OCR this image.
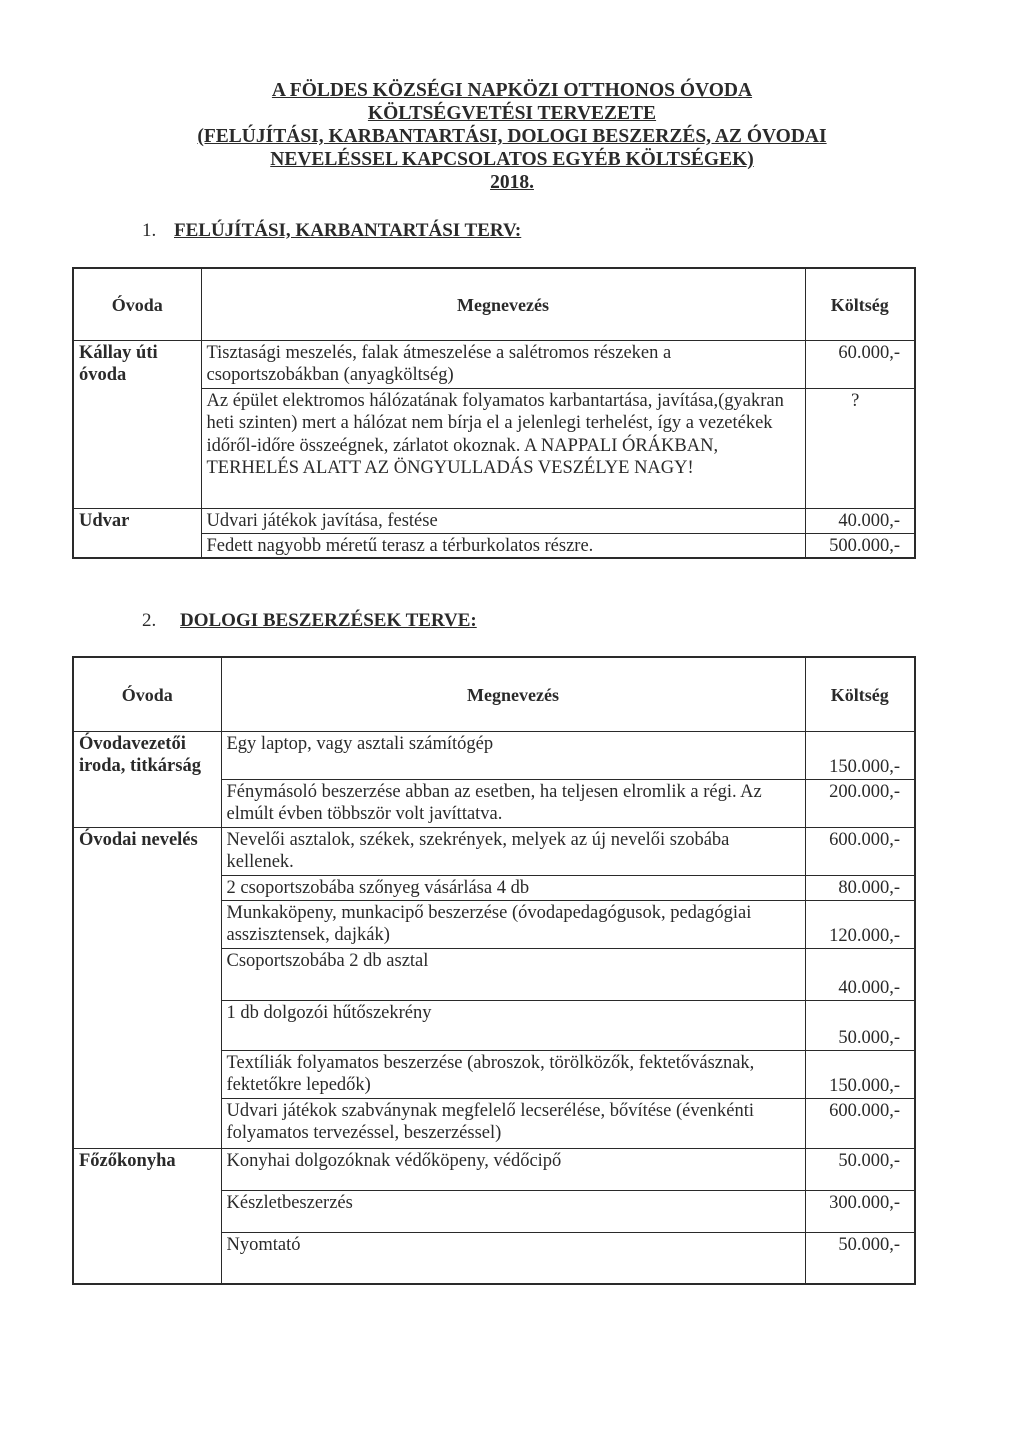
A FÖLDES KÖZSÉGI NAPKÖZI OTTHONOS ÓVODA
KÖLTSÉGVETÉSI TERVEZETE
(FELÚJÍTÁSI, KARBANTARTÁSI, DOLOGI BESZERZÉS, AZ ÓVODAI
NEVELÉSSEL KAPCSOLATOS EGYÉB KÖLTSÉGEK)
2018.
1. FELÚJÍTÁSI, KARBANTARTÁSI TERV:
Óvoda	Megnevezés	Költség
Kállay úti óvoda	Tisztasági meszelés, falak átmeszelése a salétromos részeken a csoportszobákban (anyagköltség)	60.000,-
	Az épület elektromos hálózatának folyamatos karbantartása, javítása,(gyakran heti szinten) mert a hálózat nem bírja el a jelenlegi terhelést, így a vezetékek időről-időre összeégnek, zárlatot okoznak. A NAPPALI ÓRÁKBAN, TERHELÉS ALATT AZ ÖNGYULLADÁS VESZÉLYE NAGY!	?
Udvar	Udvari játékok javítása, festése	40.000,-
	Fedett nagyobb méretű terasz a térburkolatos részre.	500.000,-
2. DOLOGI BESZERZÉSEK TERVE:
Óvoda	Megnevezés	Költség
Óvodavezetői iroda, titkárság	Egy laptop, vagy asztali számítógép	150.000,-
	Fénymásoló beszerzése abban az esetben, ha teljesen elromlik a régi. Az elmúlt évben többször volt javíttatva.	200.000,-
Óvodai nevelés	Nevelői asztalok, székek, szekrények, melyek az új nevelői szobába kellenek.	600.000,-
	2 csoportszobába szőnyeg vásárlása 4 db	80.000,-
	Munkaköpeny, munkacipő beszerzése (óvodapedagógusok, pedagógiai asszisztensek, dajkák)	120.000,-
	Csoportszobába 2 db asztal	40.000,-
	1 db dolgozói hűtőszekrény	50.000,-
	Textíliák folyamatos beszerzése (abroszok, törölközők, fektetővásznak, fektetőkre lepedők)	150.000,-
	Udvari játékok szabványnak megfelelő lecserélése, bővítése (évenkénti folyamatos tervezéssel, beszerzéssel)	600.000,-
Főzőkonyha	Konyhai dolgozóknak védőköpeny, védőcipő	50.000,-
	Készletbeszerzés	300.000,-
	Nyomtató	50.000,-
